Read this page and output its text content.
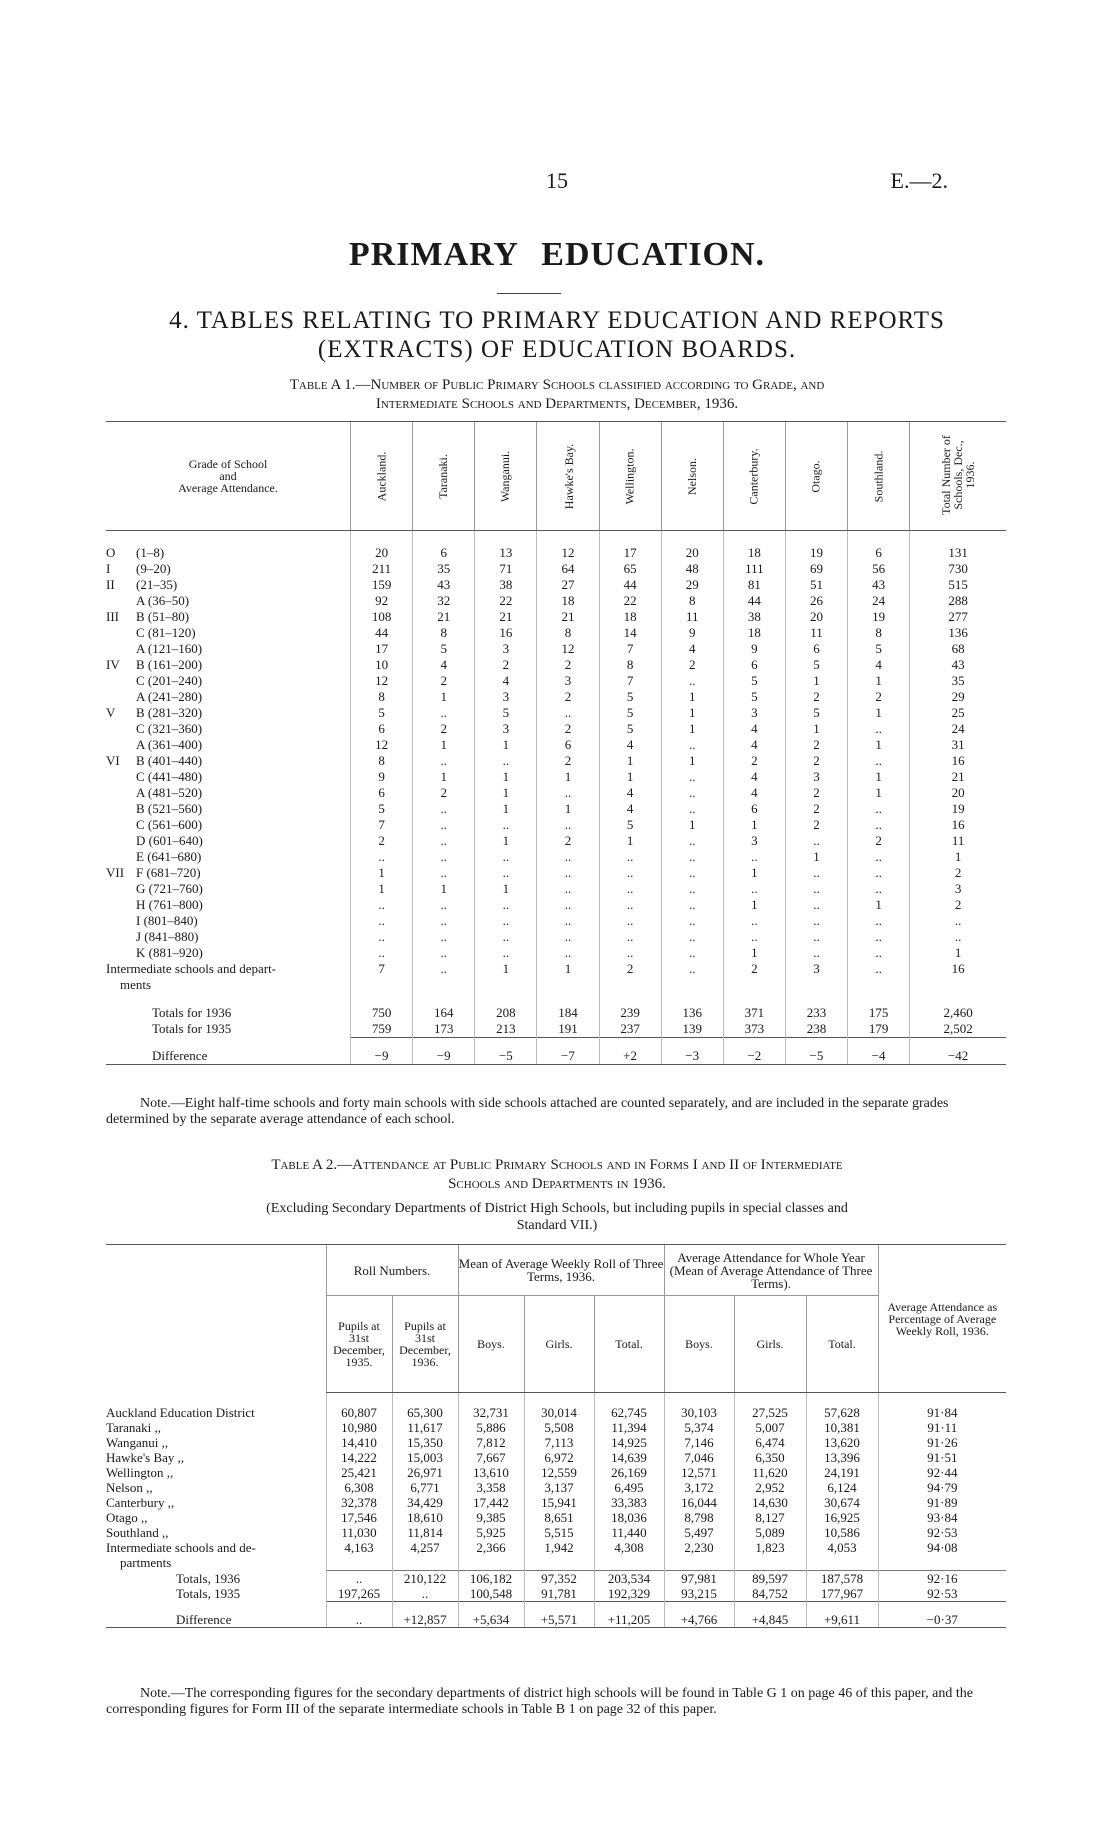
15	E.—2.
PRIMARY EDUCATION.
4. TABLES RELATING TO PRIMARY EDUCATION AND REPORTS
(EXTRACTS) OF EDUCATION BOARDS.
Table A 1.—Number of Public Primary Schools classified according to Grade, and
Intermediate Schools and Departments, December, 1936.
Grade of School
and
Average Attendance.	Auckland.	Taranaki.	Wanganui.	Hawke's Bay.	Wellington.	Nelson.	Canterbury.	Otago.	Southland.	Total Number of Schools, Dec., 1936.
O (1–8)	20	6	13	12	17	20	18	19	6	131
I (9–20)	211	35	71	64	65	48	111	69	56	730
II (21–35)	159	43	38	27	44	29	81	51	43	515
A (36–50)	92	32	22	18	22	8	44	26	24	288
III B (51–80)	108	21	21	21	18	11	38	20	19	277
C (81–120)	44	8	16	8	14	9	18	11	8	136
A (121–160)	17	5	3	12	7	4	9	6	5	68
IV B (161–200)	10	4	2	2	8	2	6	5	4	43
C (201–240)	12	2	4	3	7	..	5	1	1	35
A (241–280)	8	1	3	2	5	1	5	2	2	29
V B (281–320)	5	..	5	..	5	1	3	5	1	25
C (321–360)	6	2	3	2	5	1	4	1	..	24
A (361–400)	12	1	1	6	4	..	4	2	1	31
VI B (401–440)	8	..	..	2	1	1	2	2	..	16
C (441–480)	9	1	1	1	1	..	4	3	1	21
A (481–520)	6	2	1	..	4	..	4	2	1	20
B (521–560)	5	..	1	1	4	..	6	2	..	19
C (561–600)	7	..	..	..	5	1	1	2	..	16
D (601–640)	2	..	1	2	1	..	3	..	2	11
E (641–680)	..	..	..	..	..	..	..	1	..	1
VII F (681–720)	1	..	..	..	..	..	1	..	..	2
G (721–760)	1	1	1	..	..	..	..	..	..	3
H (761–800)	..	..	..	..	..	..	1	..	1	2
I (801–840)	..	..	..	..	..	..	..	..	..	..
J (841–880)	..	..	..	..	..	..	..	..	..	..
K (881–920)	..	..	..	..	..	..	1	..	..	1
Intermediate schools and depart-	7	..	1	1	2	..	2	3	..	16
ments										
Totals for 1936	750	164	208	184	239	136	371	233	175	2,460
Totals for 1935	759	173	213	191	237	139	373	238	179	2,502
Difference	−9	−9	−5	−7	+2	−3	−2	−5	−4	−42
Note.—Eight half-time schools and forty main schools with side schools attached are counted separately, and are included in the separate grades determined by the separate average attendance of each school.
Table A 2.—Attendance at Public Primary Schools and in Forms I and II of Intermediate
Schools and Departments in 1936.
(Excluding Secondary Departments of District High Schools, but including pupils in special classes and
Standard VII.)
	Roll Numbers.		Mean of Average Weekly Roll of Three Terms, 1936.			Average Attendance for Whole Year (Mean of Average Attendance of Three Terms).			Average Attendance as Percentage of Average Weekly Roll, 1936.
	Pupils at 31st December, 1935.	Pupils at 31st December, 1936.	Boys.	Girls.	Total.	Boys.	Girls.	Total.	
Auckland Education District	60,807	65,300	32,731	30,014	62,745	30,103	27,525	57,628	91·84
Taranaki ,,	10,980	11,617	5,886	5,508	11,394	5,374	5,007	10,381	91·11
Wanganui ,,	14,410	15,350	7,812	7,113	14,925	7,146	6,474	13,620	91·26
Hawke's Bay ,,	14,222	15,003	7,667	6,972	14,639	7,046	6,350	13,396	91·51
Wellington ,,	25,421	26,971	13,610	12,559	26,169	12,571	11,620	24,191	92·44
Nelson ,,	6,308	6,771	3,358	3,137	6,495	3,172	2,952	6,124	94·79
Canterbury ,,	32,378	34,429	17,442	15,941	33,383	16,044	14,630	30,674	91·89
Otago ,,	17,546	18,610	9,385	8,651	18,036	8,798	8,127	16,925	93·84
Southland ,,	11,030	11,814	5,925	5,515	11,440	5,497	5,089	10,586	92·53
Intermediate schools and de-	4,163	4,257	2,366	1,942	4,308	2,230	1,823	4,053	94·08
partments									
Totals, 1936	..	210,122	106,182	97,352	203,534	97,981	89,597	187,578	92·16
Totals, 1935	197,265	..	100,548	91,781	192,329	93,215	84,752	177,967	92·53
Difference	..	+12,857	+5,634	+5,571	+11,205	+4,766	+4,845	+9,611	−0·37
Note.—The corresponding figures for the secondary departments of district high schools will be found in Table G 1 on page 46 of this paper, and the corresponding figures for Form III of the separate intermediate schools in Table B 1 on page 32 of this paper.
